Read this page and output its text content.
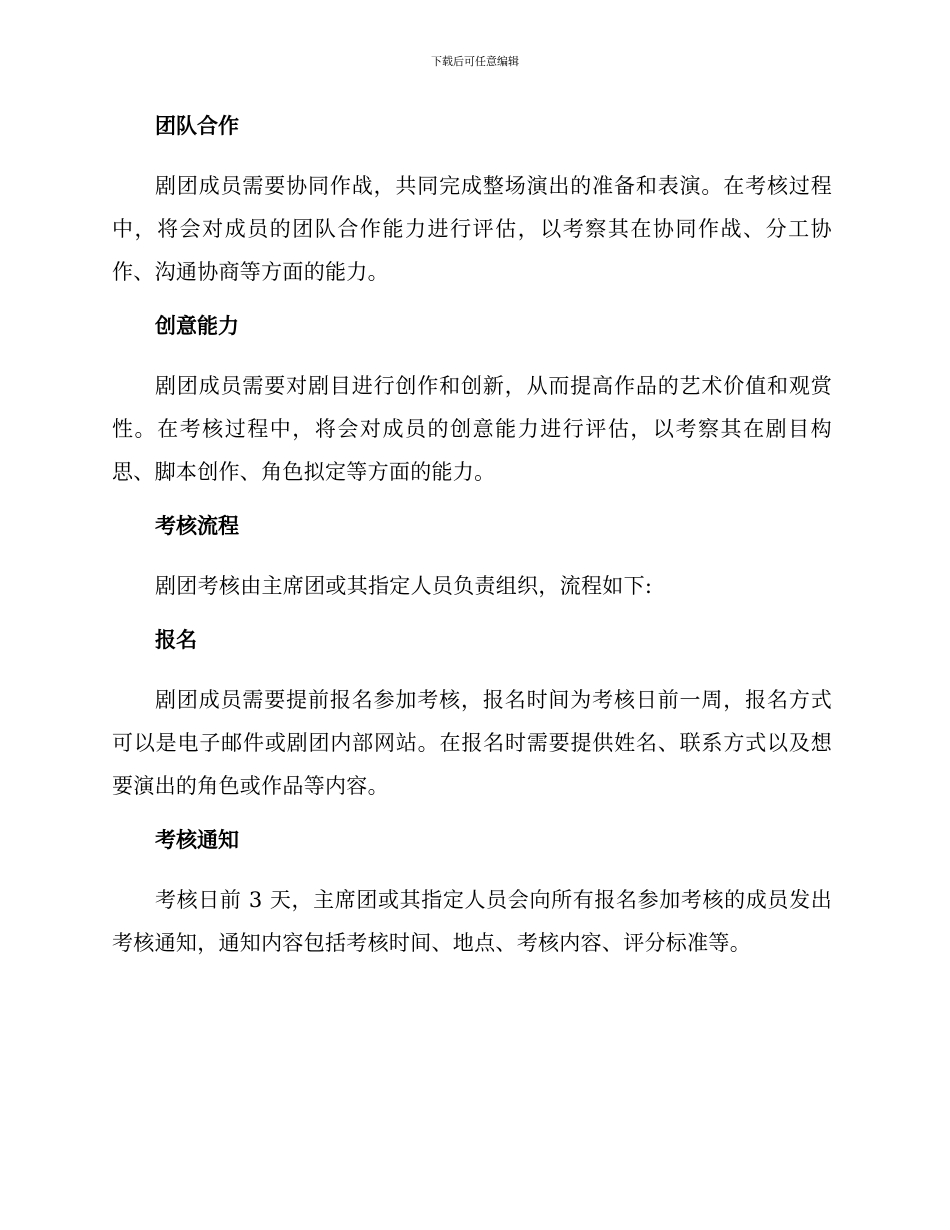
下载后可任意编辑
团队合作

剧团成员需要协同作战，共同完成整场演出的准备和表演。在考核过程中，将会对成员的团队合作能力进行评估，以考察其在协同作战、分工协作、沟通协商等方面的能力。

创意能力

剧团成员需要对剧目进行创作和创新，从而提高作品的艺术价值和观赏性。在考核过程中，将会对成员的创意能力进行评估，以考察其在剧目构思、脚本创作、角色拟定等方面的能力。

考核流程

剧团考核由主席团或其指定人员负责组织，流程如下:

报名

剧团成员需要提前报名参加考核，报名时间为考核日前一周，报名方式可以是电子邮件或剧团内部网站。在报名时需要提供姓名、联系方式以及想要演出的角色或作品等内容。

考核通知

考核日前 3 天，主席团或其指定人员会向所有报名参加考核的成员发出考核通知，通知内容包括考核时间、地点、考核内容、评分标准等。
